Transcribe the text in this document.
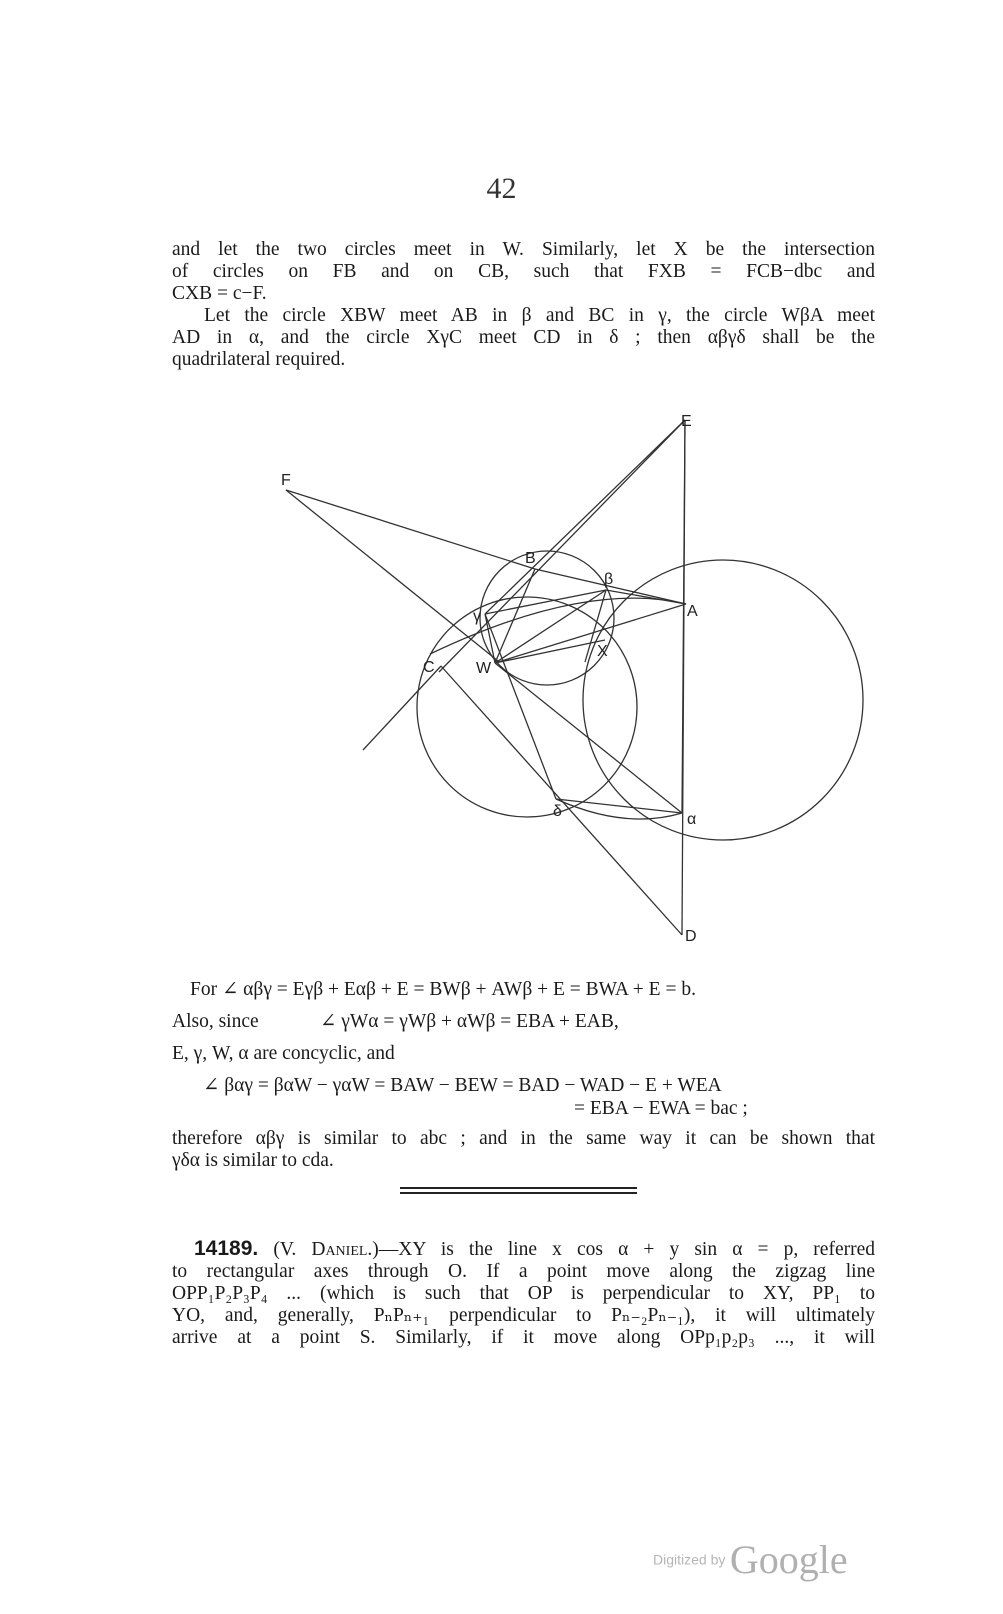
42

and let the two circles meet in W. Similarly, let X be the intersection
of circles on FB and on CB, such that FXB = FCB−dbc and
CXB = c−F.

Let the circle XBW meet AB in β and BC in γ, the circle WβA meet
AD in α, and the circle XγC meet CD in δ ; then αβγδ shall be the
quadrilateral required.

E
F
B
β
A
γ
C	W
X
δ	α
D
For ∠ αβγ = Eγβ + Eαβ + E = BWβ + AWβ + E = BWA + E = b.
Also, since	∠ γWα = γWβ + αWβ = EBA + EAB,
E, γ, W, α are concyclic, and
∠ βαγ = βαW − γαW = BAW − BEW = BAD − WAD − E + WEA
= EBA − EWA = bac ;

therefore αβγ is similar to abc ; and in the same way it can be shown that
γδα is similar to cda.

14189. (V. Daniel.)—XY is the line x cos α + y sin α = p, referred
to rectangular axes through O. If a point move along the zigzag line
OPP₁P₂P₃P₄ ... (which is such that OP is perpendicular to XY, PP₁ to
YO, and, generally, PₙPₙ₊₁ perpendicular to Pₙ₋₂Pₙ₋₁), it will ultimately
arrive at a point S. Similarly, if it move along OPp₁p₂p₃ ..., it will

Digitized by Google
